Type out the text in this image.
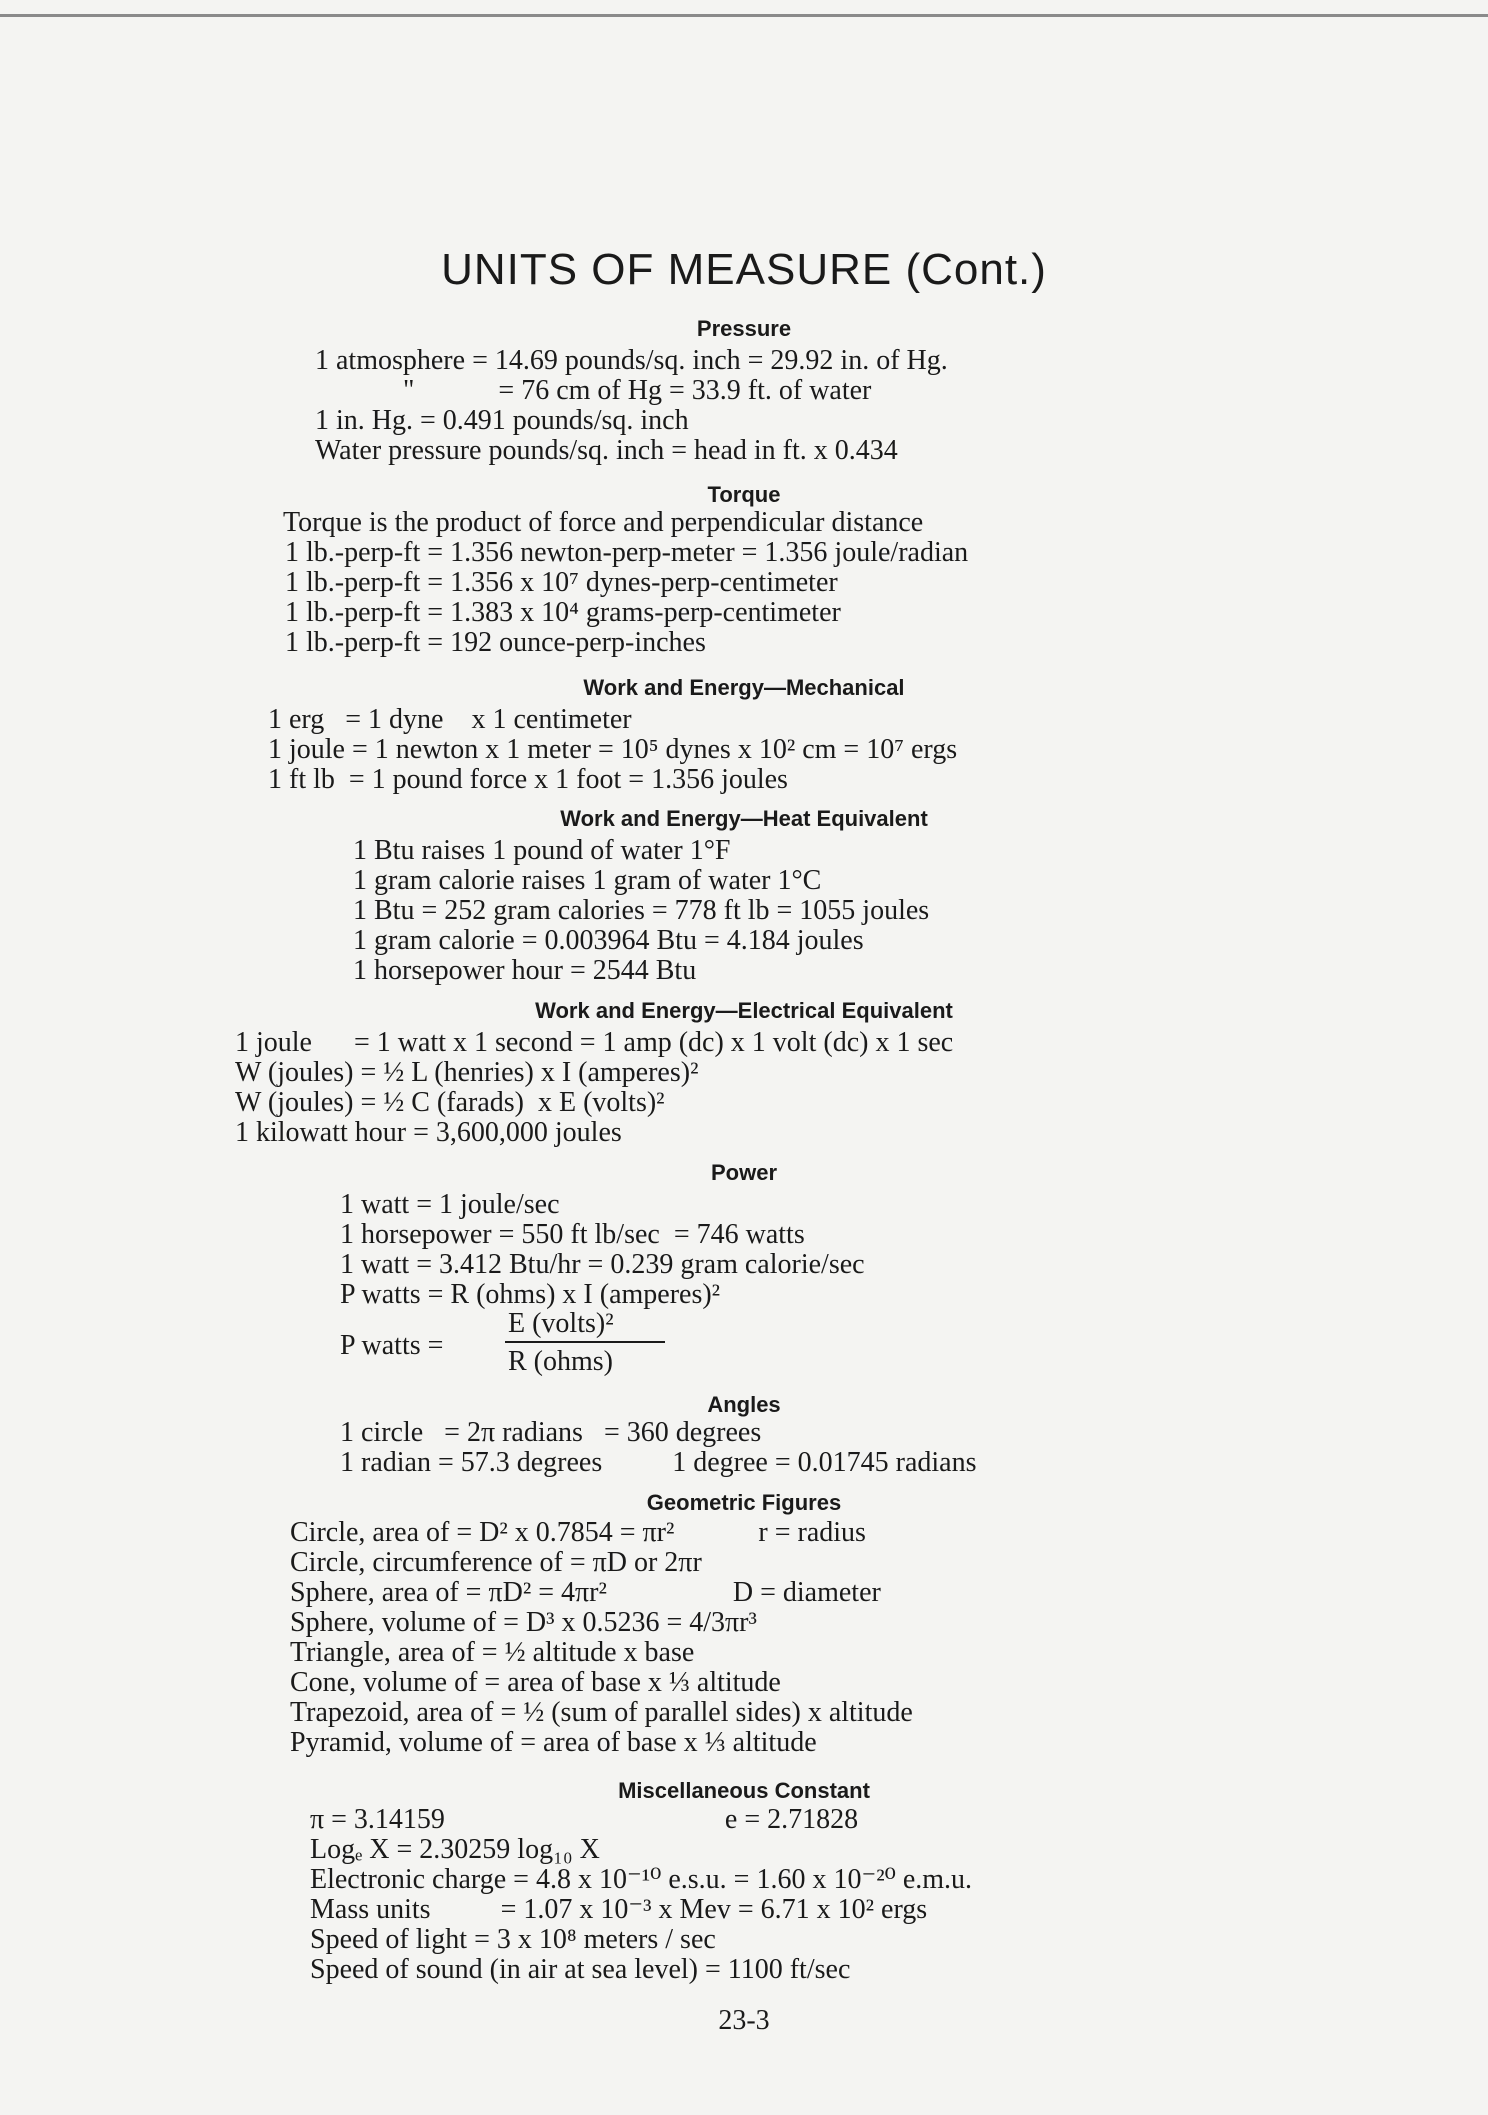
UNITS OF MEASURE (Cont.)
Pressure
1 atmosphere = 14.69 pounds/sq. inch = 29.92 in. of Hg.
"            = 76 cm of Hg = 33.9 ft. of water
1 in. Hg. = 0.491 pounds/sq. inch
Water pressure pounds/sq. inch = head in ft. x 0.434
Torque
Torque is the product of force and perpendicular distance
1 lb.-perp-ft = 1.356 newton-perp-meter = 1.356 joule/radian
1 lb.-perp-ft = 1.356 x 10⁷ dynes-perp-centimeter
1 lb.-perp-ft = 1.383 x 10⁴ grams-perp-centimeter
1 lb.-perp-ft = 192 ounce-perp-inches
Work and Energy—Mechanical
1 erg   = 1 dyne    x 1 centimeter
1 joule = 1 newton x 1 meter = 10⁵ dynes x 10² cm = 10⁷ ergs
1 ft lb  = 1 pound force x 1 foot = 1.356 joules
Work and Energy—Heat Equivalent
1 Btu raises 1 pound of water 1°F
1 gram calorie raises 1 gram of water 1°C
1 Btu = 252 gram calories = 778 ft lb = 1055 joules
1 gram calorie = 0.003964 Btu = 4.184 joules
1 horsepower hour = 2544 Btu
Work and Energy—Electrical Equivalent
1 joule      = 1 watt x 1 second = 1 amp (dc) x 1 volt (dc) x 1 sec
W (joules) = ½ L (henries) x I (amperes)²
W (joules) = ½ C (farads)  x E (volts)²
1 kilowatt hour = 3,600,000 joules
Power
1 watt = 1 joule/sec
1 horsepower = 550 ft lb/sec  = 746 watts
1 watt = 3.412 Btu/hr = 0.239 gram calorie/sec
P watts = R (ohms) x I (amperes)²
P watts =
E (volts)²
R (ohms)
Angles
1 circle   = 2π radians   = 360 degrees
1 radian = 57.3 degrees          1 degree = 0.01745 radians
Geometric Figures
Circle, area of = D² x 0.7854 = πr²            r = radius
Circle, circumference of = πD or 2πr
Sphere, area of = πD² = 4πr²                  D = diameter
Sphere, volume of = D³ x 0.5236 = 4/3πr³
Triangle, area of = ½ altitude x base
Cone, volume of = area of base x ⅓ altitude
Trapezoid, area of = ½ (sum of parallel sides) x altitude
Pyramid, volume of = area of base x ⅓ altitude
Miscellaneous Constant
π = 3.14159                                        e = 2.71828
Logₑ X = 2.30259 log₁₀ X
Electronic charge = 4.8 x 10⁻¹⁰ e.s.u. = 1.60 x 10⁻²⁰ e.m.u.
Mass units          = 1.07 x 10⁻³ x Mev = 6.71 x 10² ergs
Speed of light = 3 x 10⁸ meters / sec
Speed of sound (in air at sea level) = 1100 ft/sec
23-3
